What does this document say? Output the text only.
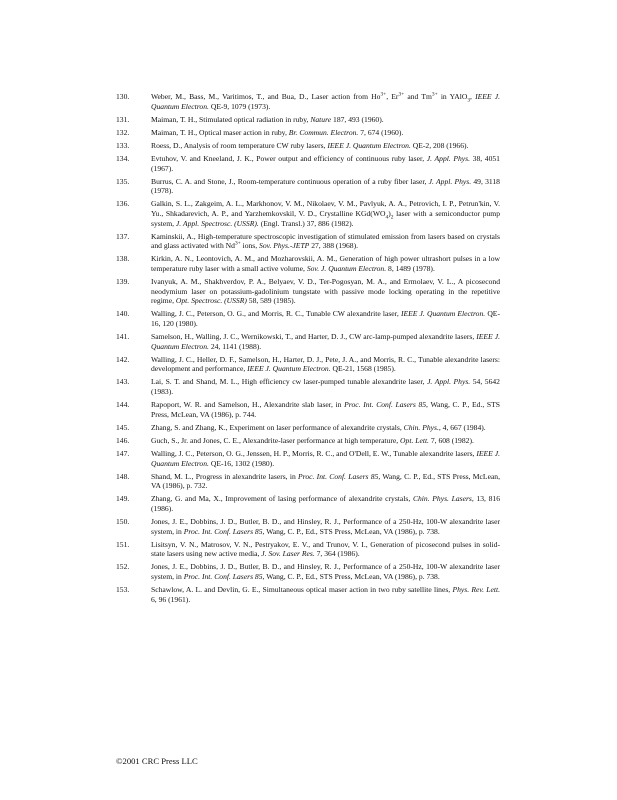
130.	Weber, M., Bass, M., Varitimos, T., and Bua, D., Laser action from $Ho^{3+}$, $Er^{3+}$ and $Tm^{3+}$ in YAlO$_3$, IEEE J. Quantum Electron. QE-9, 1079 (1973).
131.	Maiman, T. H., Stimulated optical radiation in ruby, Nature 187, 493 (1960).
132.	Maiman, T. H., Optical maser action in ruby, Br. Commun. Electron. 7, 674 (1960).
133.	Roess, D., Analysis of room temperature CW ruby lasers, IEEE J. Quantum Electron. QE-2, 208 (1966).
134.	Evtuhov, V. and Kneeland, J. K., Power output and efficiency of continuous ruby laser, J. Appl. Phys. 38, 4051 (1967).
135.	Burrus, C. A. and Stone, J., Room-temperature continuous operation of a ruby fiber laser, J. Appl. Phys. 49, 3118 (1978).
136.	Galkin, S. L., Zakgeim, A. L., Markhonov, V. M., Nikolaev, V. M., Pavlyuk, A. A., Petrovich, I. P., Petrun'kin, V. Yu., Shkadarevich, A. P., and Yarzhemkovskil, V. D., Crystalline $KGd(WO_4)_2$ laser with a semiconductor pump system, J. Appl. Spectrosc. (USSR). (Engl. Transl.) 37, 886 (1982).
137.	Kaminskii, A., High-temperature spectroscopic investigation of stimulated emission from lasers based on crystals and glass activated with $Nd^{3+}$ ions, Sov. Phys.-JETP 27, 388 (1968).
138.	Kirkin, A. N., Leontovich, A. M., and Mozharovskii, A. M., Generation of high power ultrashort pulses in a low temperature ruby laser with a small active volume, Sov. J. Quantum Electron. 8, 1489 (1978).
139.	Ivanyuk, A. M., Shakhverdov, P. A., Belyaev, V. D., Ter-Pogosyan, M. A., and Ermolaev, V. L., A picosecond neodymium laser on potassium-gadolinium tungstate with passive mode locking operating in the repetitive regime, Opt. Spectrosc. (USSR) 58, 589 (1985).
140.	Walling, J. C., Peterson, O. G., and Morris, R. C., Tunable CW alexandrite laser, IEEE J. Quantum Electron. QE-16, 120 (1980).
141.	Samelson, H., Walling, J. C., Wernikowski, T., and Harter, D. J., CW arc-lamp-pumped alexandrite lasers, IEEE J. Quantum Electron. 24, 1141 (1988).
142.	Walling, J. C., Heller, D. F., Samelson, H., Harter, D. J., Pete, J. A., and Morris, R. C., Tunable alexandrite lasers: development and performance, IEEE J. Quantum Electron. QE-21, 1568 (1985).
143.	Lai, S. T. and Shand, M. L., High efficiency cw laser-pumped tunable alexandrite laser, J. Appl. Phys. 54, 5642 (1983).
144.	Rapoport, W. R. and Samelson, H., Alexandrite slab laser, in Proc. Int. Conf. Lasers 85, Wang, C. P., Ed., STS Press, McLean, VA (1986), p. 744.
145.	Zhang, S. and Zhang, K., Experiment on laser performance of alexandrite crystals, Chin. Phys., 4, 667 (1984).
146.	Guch, S., Jr. and Jones, C. E., Alexandrite-laser performance at high temperature, Opt. Lett. 7, 608 (1982).
147.	Walling, J. C., Peterson, O. G., Jenssen, H. P., Morris, R. C., and O'Dell, E. W., Tunable alexandrite lasers, IEEE J. Quantum Electron. QE-16, 1302 (1980).
148.	Shand, M. L., Progress in alexandrite lasers, in Proc. Int. Conf. Lasers 85, Wang, C. P., Ed., STS Press, McLean, VA (1986), p. 732.
149.	Zhang, G. and Ma, X., Improvement of lasing performance of alexandrite crystals, Chin. Phys. Lasers, 13, 816 (1986).
150.	Jones, J. E., Dobbins, J. D., Butler, B. D., and Hinsley, R. J., Performance of a 250-Hz, 100-W alexandrite laser system, in Proc. Int. Conf. Lasers 85, Wang, C. P., Ed., STS Press, McLean, VA (1986), p. 738.
151.	Lisitsyn, V. N., Matrosov, V. N., Pestryakov, E. V., and Trunov, V. I., Generation of picosecond pulses in solid-state lasers using new active media, J. Sov. Laser Res. 7, 364 (1986).
152.	Jones, J. E., Dobbins, J. D., Butler, B. D., and Hinsley, R. J., Performance of a 250-Hz, 100-W alexandrite laser system, in Proc. Int. Conf. Lasers 85, Wang, C. P., Ed., STS Press, McLean, VA (1986), p. 738.
153.	Schawlow, A. L. and Devlin, G. E., Simultaneous optical maser action in two ruby satellite lines, Phys. Rev. Lett. 6, 96 (1961).
©2001 CRC Press LLC
